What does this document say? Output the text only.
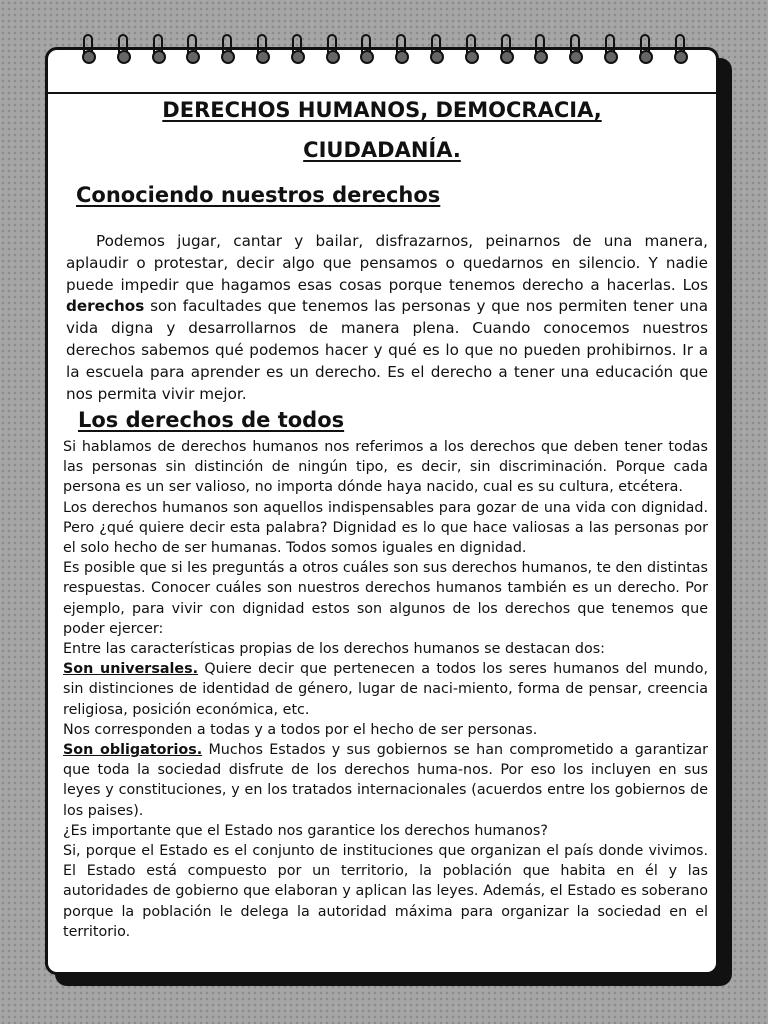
DERECHOS HUMANOS, DEMOCRACIA,
CIUDADANÍA.
Conociendo nuestros derechos

Podemos jugar, cantar y bailar, disfrazarnos, peinarnos de una manera, aplaudir o protestar, decir algo que pensamos o quedarnos en silencio. Y nadie puede impedir que hagamos esas cosas porque tenemos derecho a hacerlas. Los derechos son facultades que tenemos las personas y que nos permiten tener una vida digna y desarrollarnos de manera plena. Cuando conocemos nuestros derechos sabemos qué podemos hacer y qué es lo que no pueden prohibirnos. Ir a la escuela para aprender es un derecho. Es el derecho a tener una educación que nos permita vivir mejor.

Los derechos de todos

Si hablamos de derechos humanos nos referimos a los derechos que deben tener todas las personas sin distinción de ningún tipo, es decir, sin discriminación. Porque cada persona es un ser valioso, no importa dónde haya nacido, cual es su cultura, etcétera.

Los derechos humanos son aquellos indispensables para gozar de una vida con dignidad. Pero ¿qué quiere decir esta palabra? Dignidad es lo que hace valiosas a las personas por el solo hecho de ser humanas. Todos somos iguales en dignidad.

Es posible que si les preguntás a otros cuáles son sus derechos humanos, te den distintas respuestas. Conocer cuáles son nuestros derechos humanos también es un derecho. Por ejemplo, para vivir con dignidad estos son algunos de los derechos que tenemos que poder ejercer:

Entre las características propias de los derechos humanos se destacan dos:

Son universales. Quiere decir que pertenecen a todos los seres humanos del mundo, sin distinciones de identidad de género, lugar de naci-miento, forma de pensar, creencia religiosa, posición económica, etc.

Nos corresponden a todas y a todos por el hecho de ser personas.

Son obligatorios. Muchos Estados y sus gobiernos se han comprometido a garantizar que toda la sociedad disfrute de los derechos huma-nos. Por eso los incluyen en sus leyes y constituciones, y en los tratados internacionales (acuerdos entre los gobiernos de los paises).

¿Es importante que el Estado nos garantice los derechos humanos?

Si, porque el Estado es el conjunto de instituciones que organizan el país donde vivimos. El Estado está compuesto por un territorio, la población que habita en él y las autoridades de gobierno que elaboran y aplican las leyes. Además, el Estado es soberano porque la población le delega la autoridad máxima para organizar la sociedad en el territorio.
